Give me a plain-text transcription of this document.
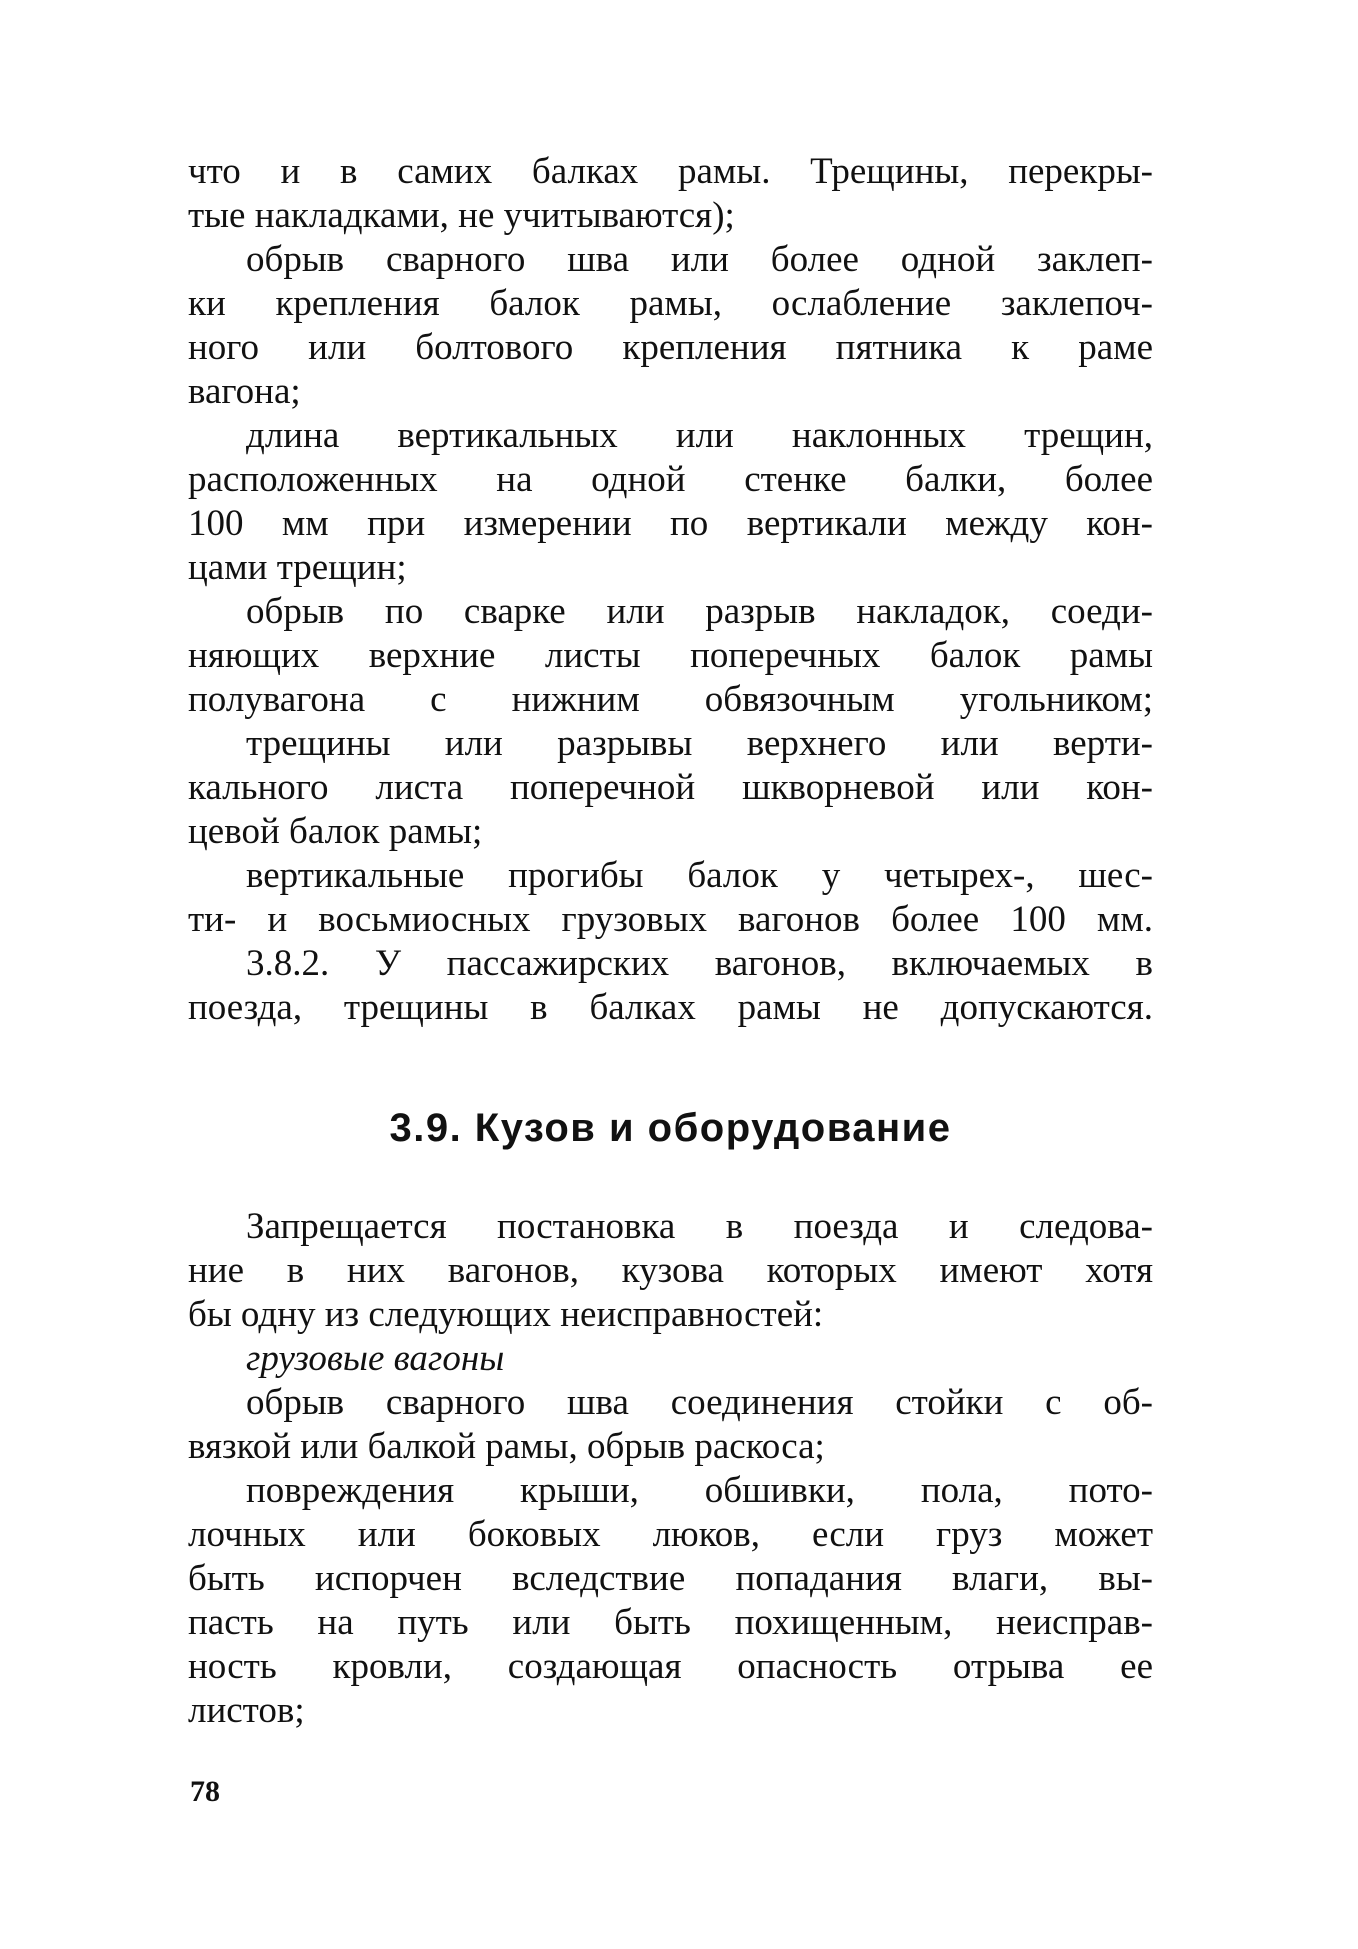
что и в самих балках рамы. Трещины, перекры-
тые накладками, не учитываются);
обрыв сварного шва или более одной заклеп-
ки крепления балок рамы, ослабление заклепоч-
ного или болтового крепления пятника к раме
вагона;
длина вертикальных или наклонных трещин,
расположенных на одной стенке балки, более
100 мм при измерении по вертикали между кон-
цами трещин;
обрыв по сварке или разрыв накладок, соеди-
няющих верхние листы поперечных балок рамы
полувагона с нижним обвязочным угольником;
трещины или разрывы верхнего или верти-
кального листа поперечной шкворневой или кон-
цевой балок рамы;
вертикальные прогибы балок у четырех-, шес-
ти- и восьмиосных грузовых вагонов более 100 мм.
3.8.2. У пассажирских вагонов, включаемых в
поезда, трещины в балках рамы не допускаются.
3.9. Кузов и оборудование
Запрещается постановка в поезда и следова-
ние в них вагонов, кузова которых имеют хотя
бы одну из следующих неисправностей:
грузовые вагоны
обрыв сварного шва соединения стойки с об-
вязкой или балкой рамы, обрыв раскоса;
повреждения крыши, обшивки, пола, пото-
лочных или боковых люков, если груз может
быть испорчен вследствие попадания влаги, вы-
пасть на путь или быть похищенным, неисправ-
ность кровли, создающая опасность отрыва ее
листов;
78
